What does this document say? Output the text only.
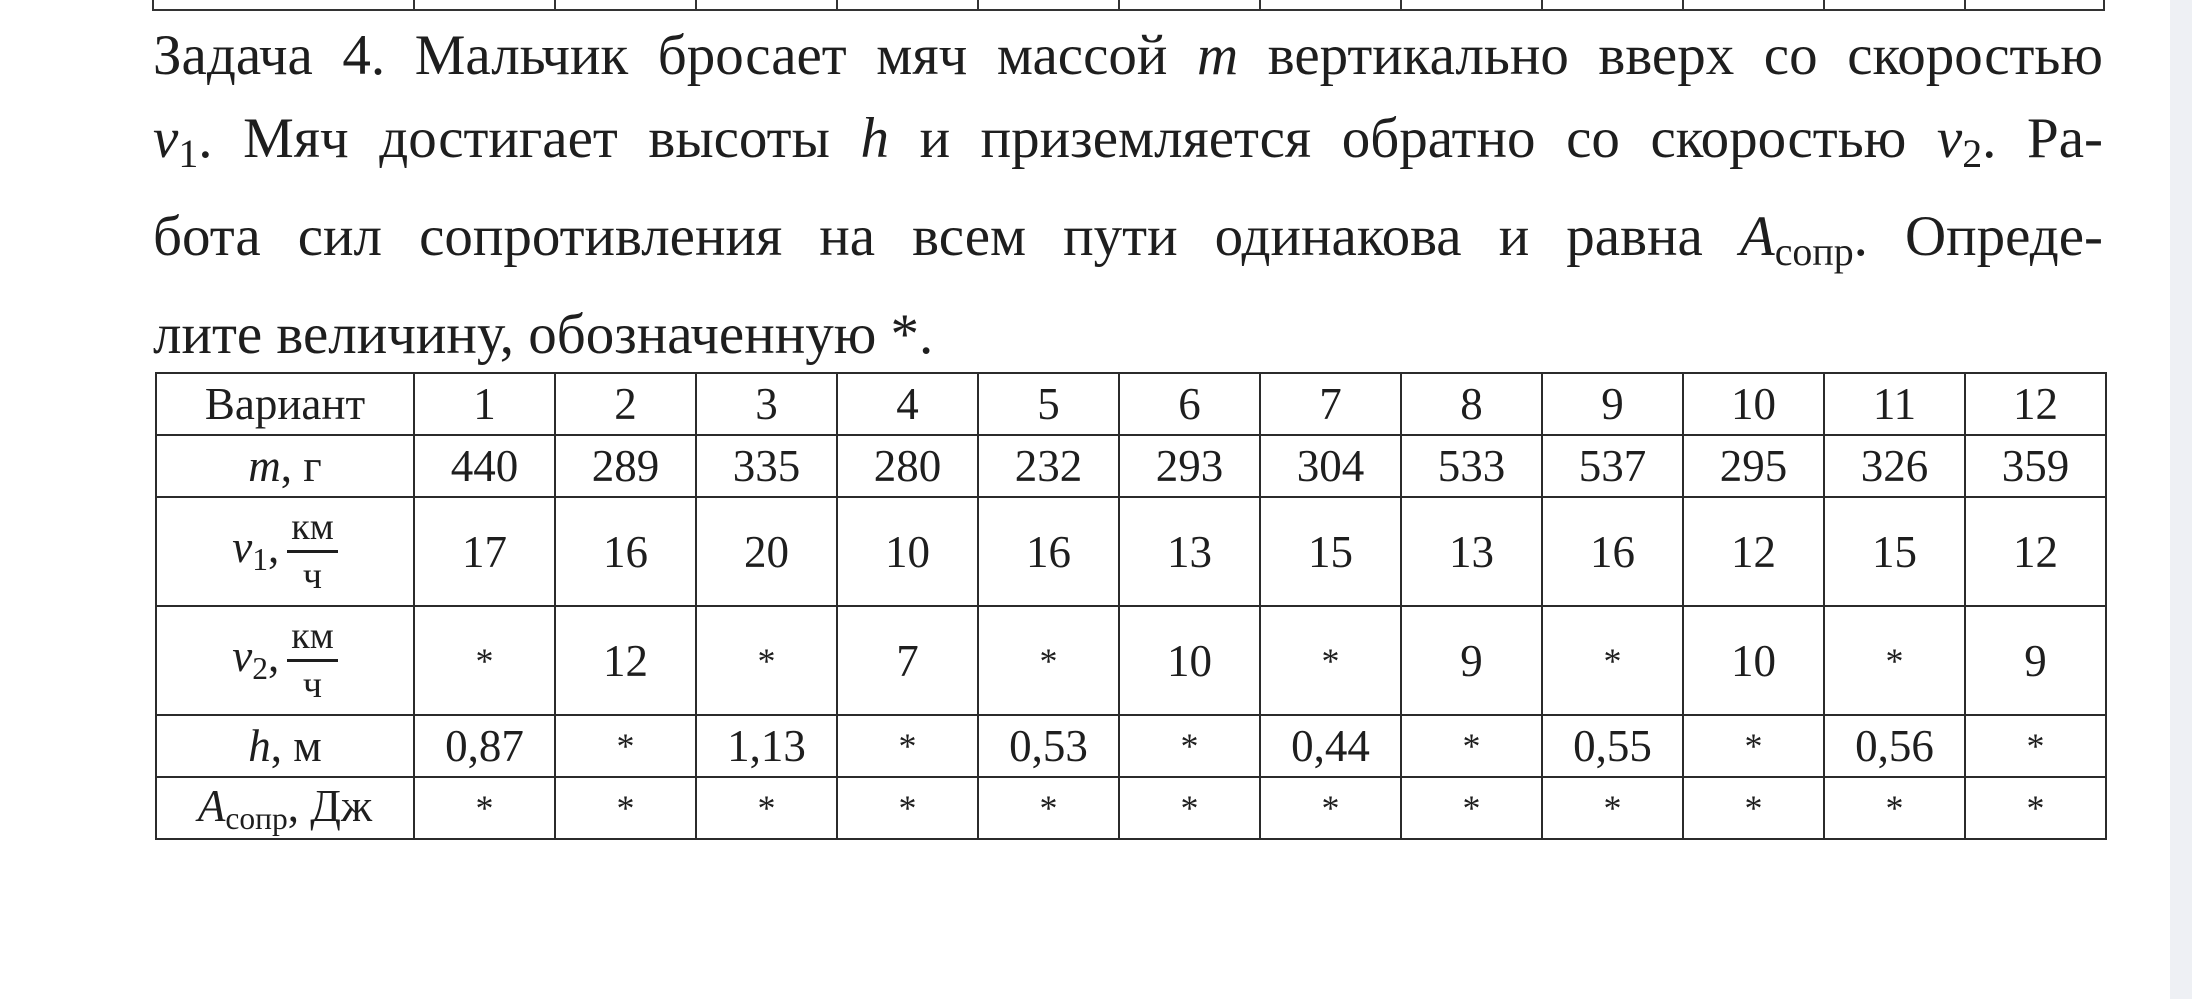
Задача 4. Мальчик бросает мяч массой m вертикально вверх со скоростью
$v_1$. Мяч достигает высоты h и приземляется обратно со скоростью $v_2$. Ра-
бота сил сопротивления на всем пути одинакова и равна $A_{сопр}$. Опреде-
лите величину, обозначенную *.
Вариант	1	2	3	4	5	6	7	8	9	10	11	12
m, г	440	289	335	280	232	293	304	533	537	295	326	359
$v_1$, $\frac{км}{ч}$	17	16	20	10	16	13	15	13	16	12	15	12
$v_2$, $\frac{км}{ч}$	*	12	*	7	*	10	*	9	*	10	*	9
h, м	0,87	*	1,13	*	0,53	*	0,44	*	0,55	*	0,56	*
$A_{сопр}$, Дж	*	*	*	*	*	*	*	*	*	*	*	*
